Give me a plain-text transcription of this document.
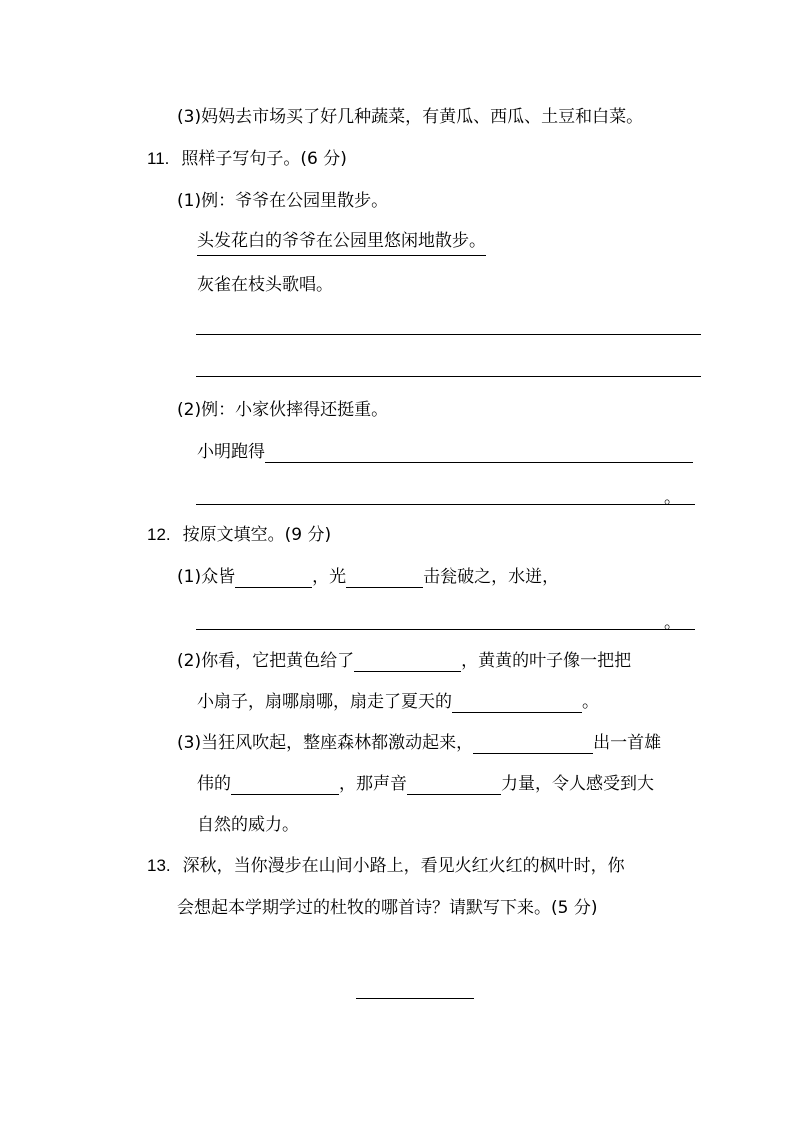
(3)妈妈去市场买了好几种蔬菜，有黄瓜、西瓜、土豆和白菜。
11. 照样子写句子。(6 分)
(1)例：爷爷在公园里散步。
头发花白的爷爷在公园里悠闲地散步。
灰雀在枝头歌唱。
(2)例：小家伙摔得还挺重。
小明跑得
。
12. 按原文填空。(9 分)
(1)众皆	，光	击瓮破之，水迸，
。
(2)你看，它把黄色给了	，黄黄的叶子像一把把
小扇子，扇哪扇哪，扇走了夏天的	。
(3)当狂风吹起，整座森林都激动起来，	出一首雄
伟的	，那声音	力量，令人感受到大
自然的威力。
13. 深秋，当你漫步在山间小路上，看见火红火红的枫叶时，你
会想起本学期学过的杜牧的哪首诗？请默写下来。(5 分)
